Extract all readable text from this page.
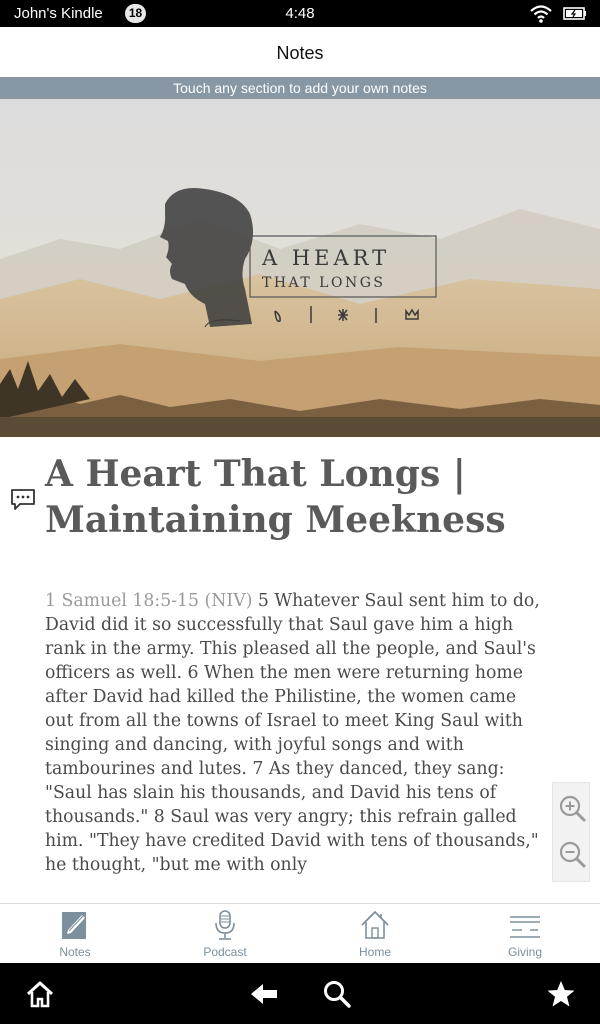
John's Kindle	18	4:48
Notes
Touch any section to add your own notes
A HEART
THAT LONGS
A Heart That Longs | Maintaining Meekness

1 Samuel 18:5-15 (NIV) 5 Whatever Saul sent him to do, David did it so successfully that Saul gave him a high rank in the army. This pleased all the people, and Saul's officers as well. 6 When the men were returning home after David had killed the Philistine, the women came out from all the towns of Israel to meet King Saul with singing and dancing, with joyful songs and with tambourines and lutes. 7 As they danced, they sang: "Saul has slain his thousands, and David his tens of thousands." 8 Saul was very angry; this refrain galled him. "They have credited David with tens of thousands," he thought, "but me with only

Notes	Podcast	Home	Giving
